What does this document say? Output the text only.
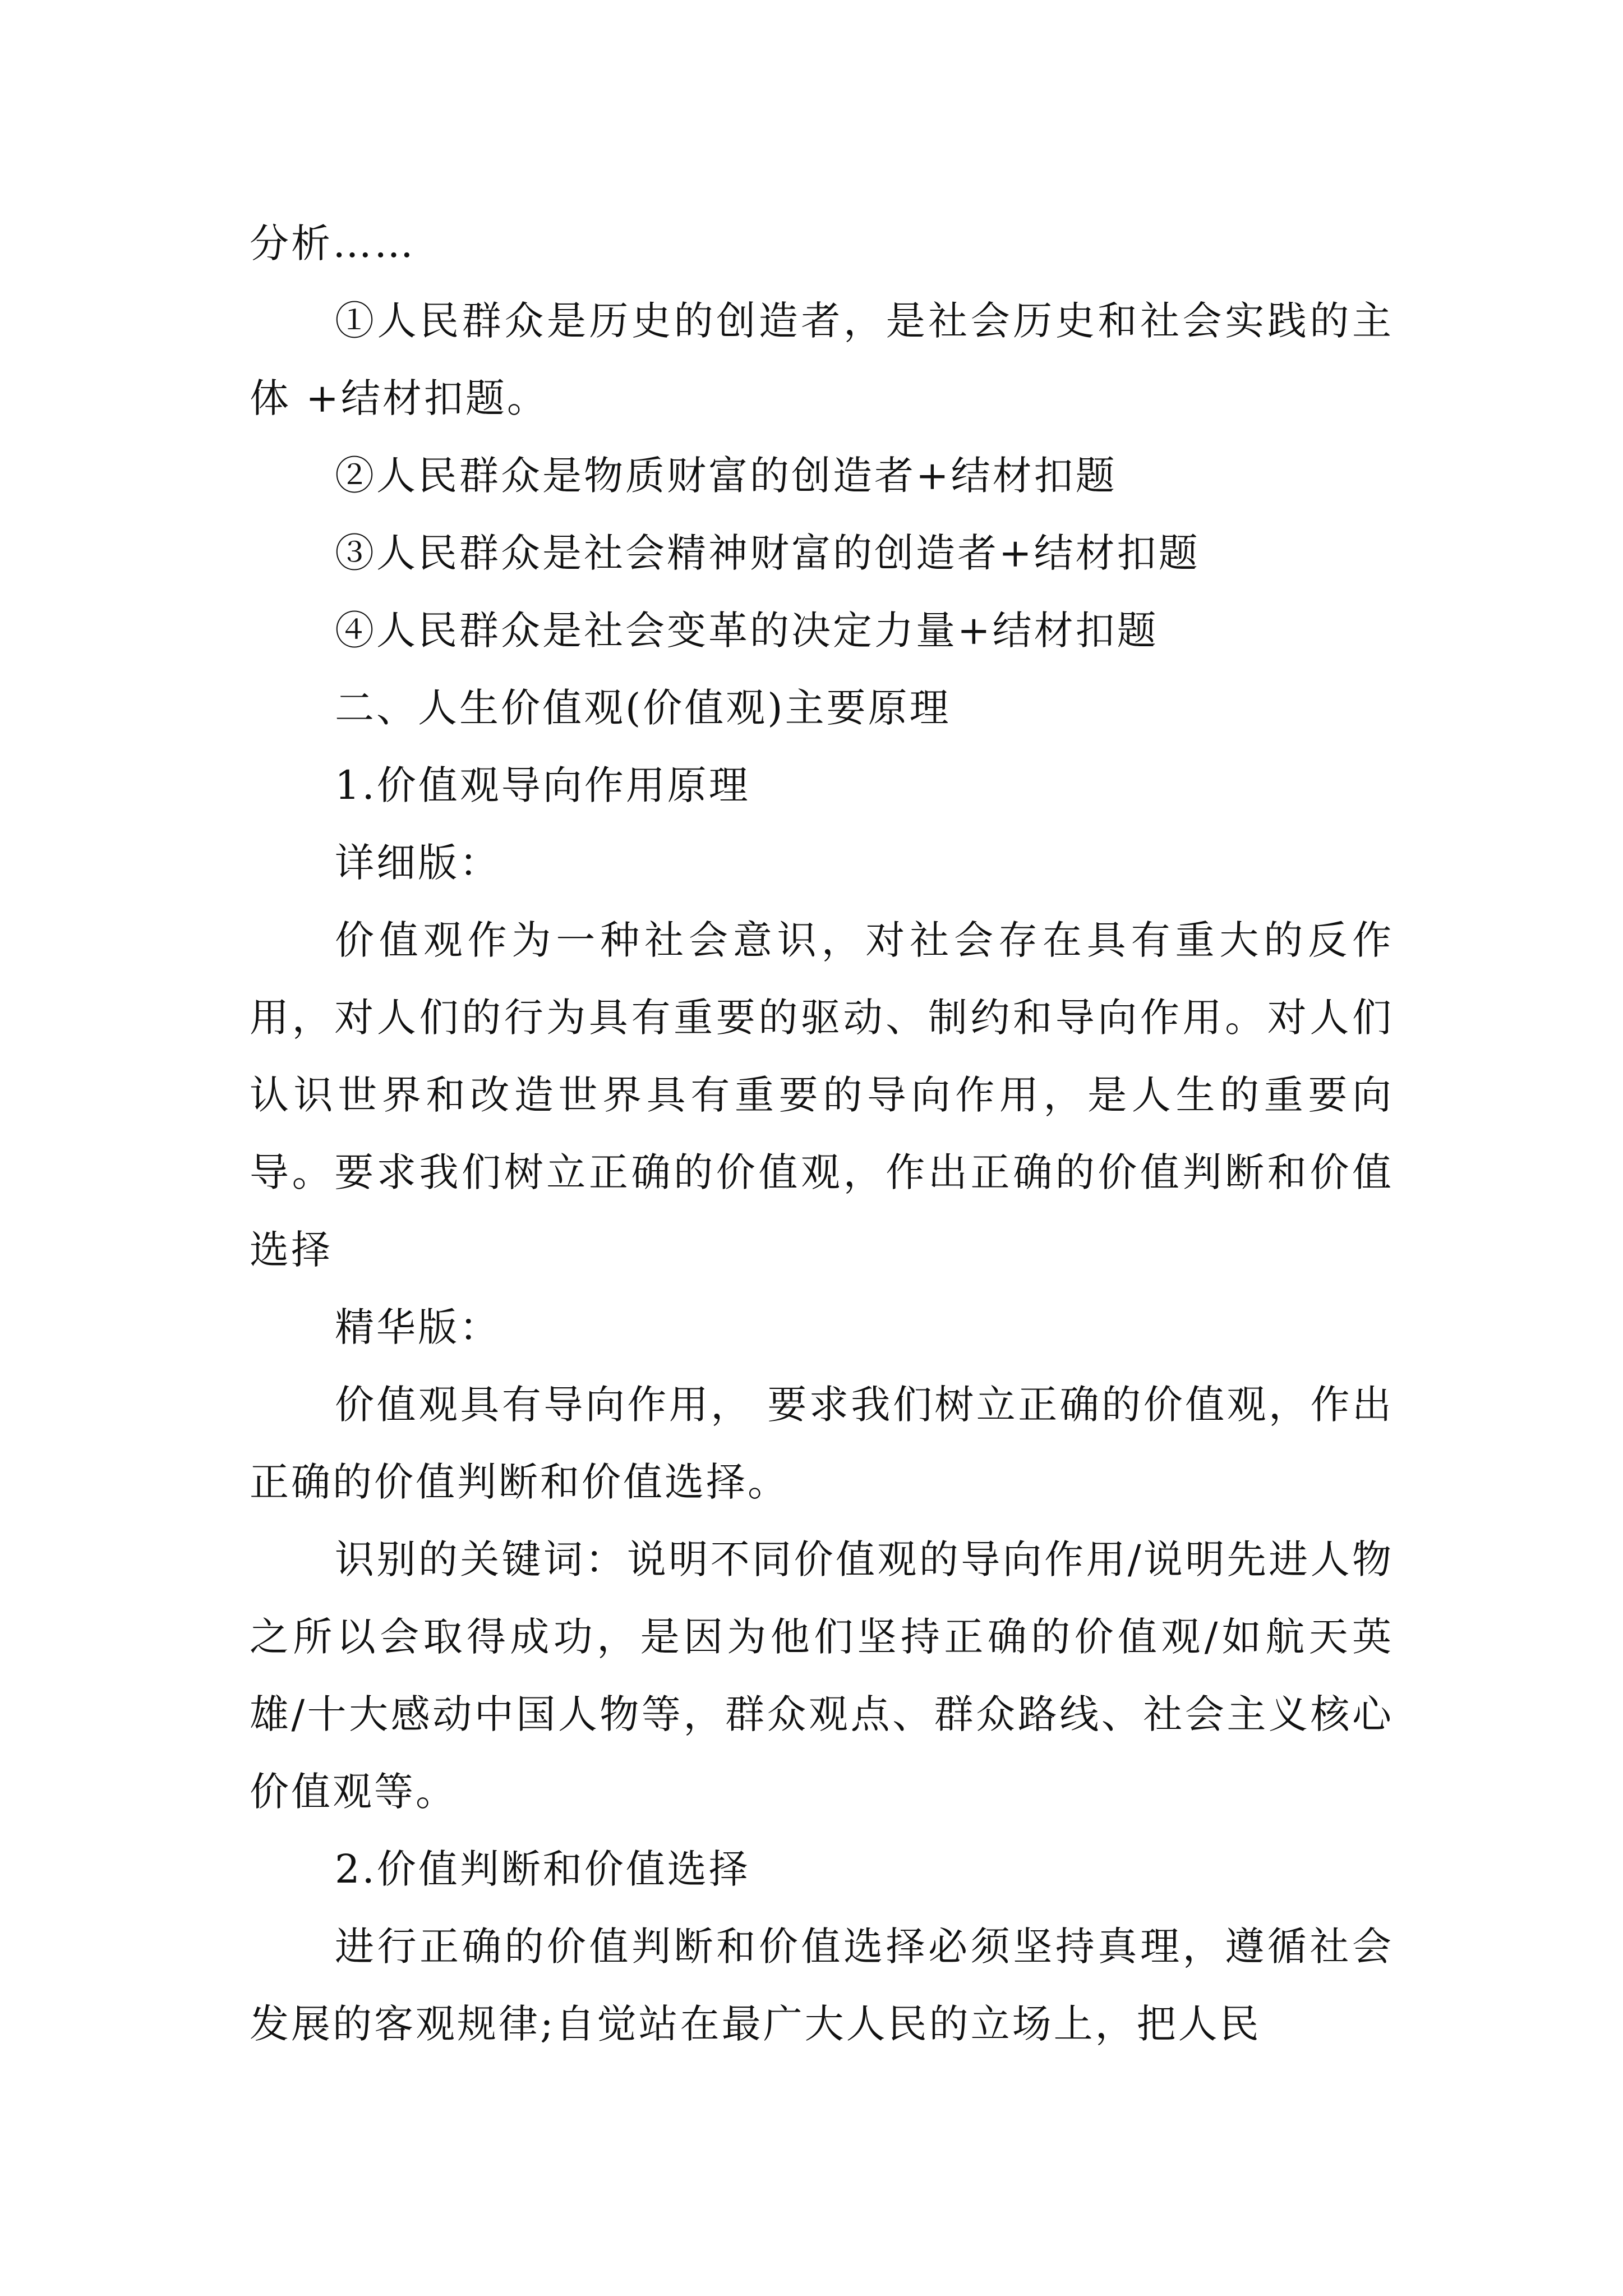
分析……

①人民群众是历史的创造者，是社会历史和社会实践的主体 +结材扣题。

②人民群众是物质财富的创造者+结材扣题

③人民群众是社会精神财富的创造者+结材扣题

④人民群众是社会变革的决定力量+结材扣题

二、人生价值观(价值观)主要原理

1.价值观导向作用原理

详细版：

价值观作为一种社会意识，对社会存在具有重大的反作用，对人们的行为具有重要的驱动、制约和导向作用。对人们认识世界和改造世界具有重要的导向作用，是人生的重要向导。要求我们树立正确的价值观，作出正确的价值判断和价值选择

精华版：

价值观具有导向作用， 要求我们树立正确的价值观，作出正确的价值判断和价值选择。

识别的关键词：说明不同价值观的导向作用/说明先进人物之所以会取得成功，是因为他们坚持正确的价值观/如航天英雄/十大感动中国人物等，群众观点、群众路线、社会主义核心价值观等。

2.价值判断和价值选择

进行正确的价值判断和价值选择必须坚持真理，遵循社会发展的客观规律;自觉站在最广大人民的立场上，把人民
